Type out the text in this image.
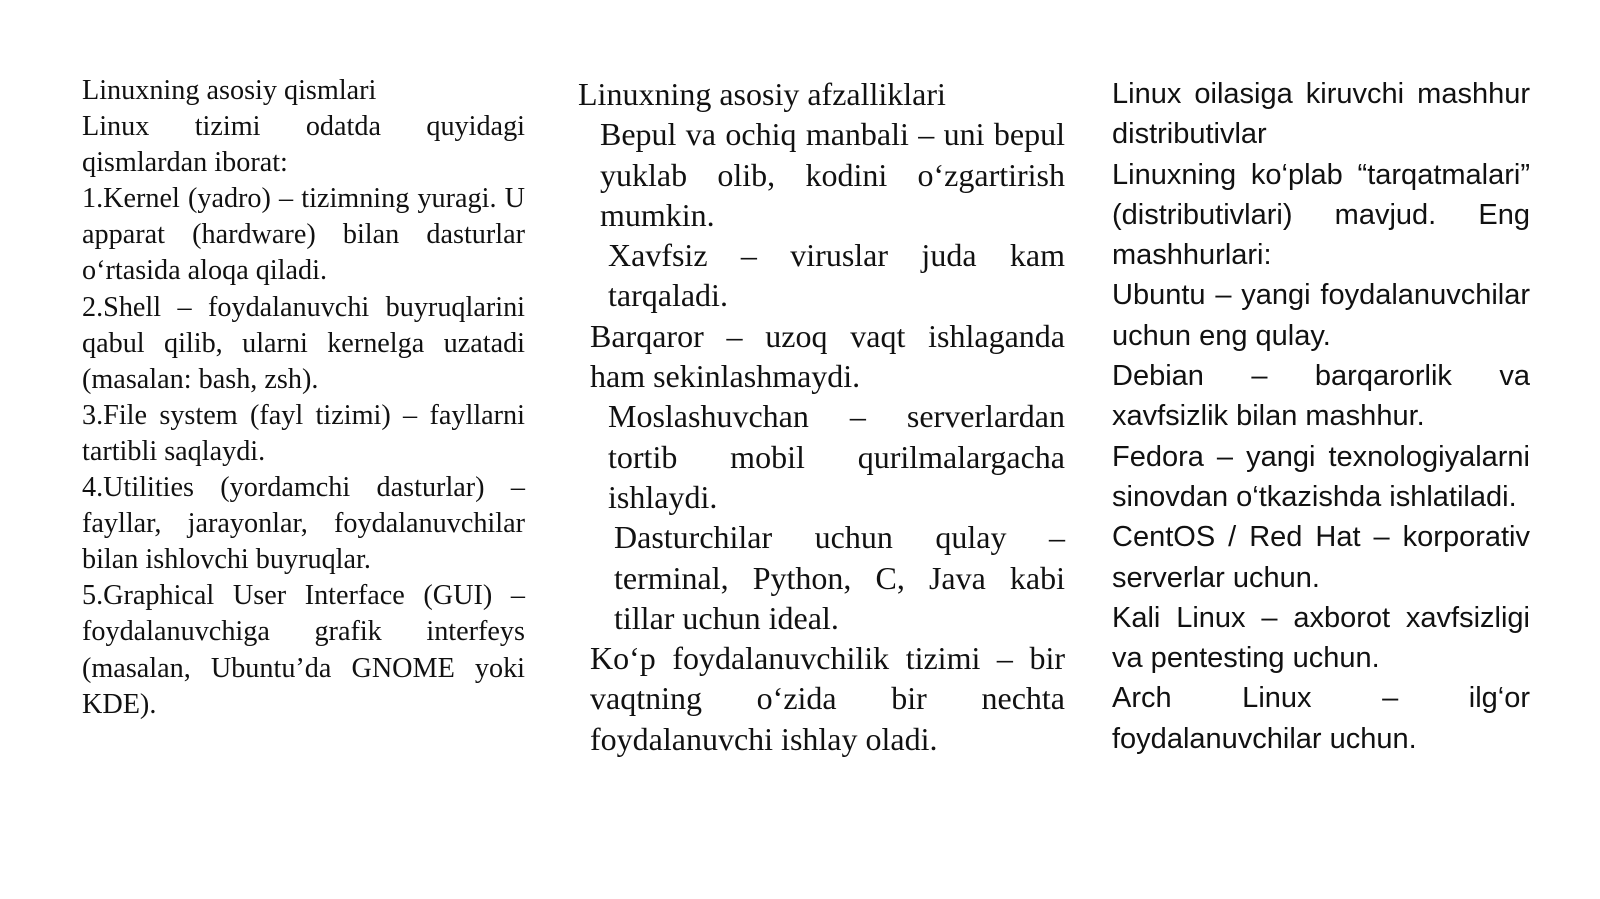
Linuxning asosiy qismlari

Linux tizimi odatda quyidagi qismlardan iborat:

1.Kernel (yadro) – tizimning yuragi. U apparat (hardware) bilan dasturlar o‘rtasida aloqa qiladi.

2.Shell – foydalanuvchi buyruqlarini qabul qilib, ularni kernelga uzatadi (masalan: bash, zsh).

3.File system (fayl tizimi) – fayllarni tartibli saqlaydi.

4.Utilities (yordamchi dasturlar) – fayllar, jarayonlar, foydalanuvchilar bilan ishlovchi buyruqlar.

5.Graphical User Interface (GUI) – foydalanuvchiga grafik interfeys (masalan, Ubuntu’da GNOME yoki KDE).

Linuxning asosiy afzalliklari

Bepul va ochiq manbali – uni bepul yuklab olib, kodini o‘zgartirish mumkin.

Xavfsiz – viruslar juda kam tarqaladi.

Barqaror – uzoq vaqt ishlaganda ham sekinlashmaydi.

Moslashuvchan – serverlardan tortib mobil qurilmalargacha ishlaydi.

Dasturchilar uchun qulay – terminal, Python, C, Java kabi tillar uchun ideal.

Ko‘p foydalanuvchilik tizimi – bir vaqtning o‘zida bir nechta foydalanuvchi ishlay oladi.

Linux oilasiga kiruvchi mashhur distributivlar

Linuxning ko‘plab “tarqatmalari” (distributivlari) mavjud. Eng mashhurlari:

Ubuntu – yangi foydalanuvchilar uchun eng qulay.

Debian – barqarorlik va xavfsizlik bilan mashhur.

Fedora – yangi texnologiyalarni sinovdan o‘tkazishda ishlatiladi.

CentOS / Red Hat – korporativ serverlar uchun.

Kali Linux – axborot xavfsizligi va pentesting uchun.

Arch Linux – ilg‘or foydalanuvchilar uchun.
